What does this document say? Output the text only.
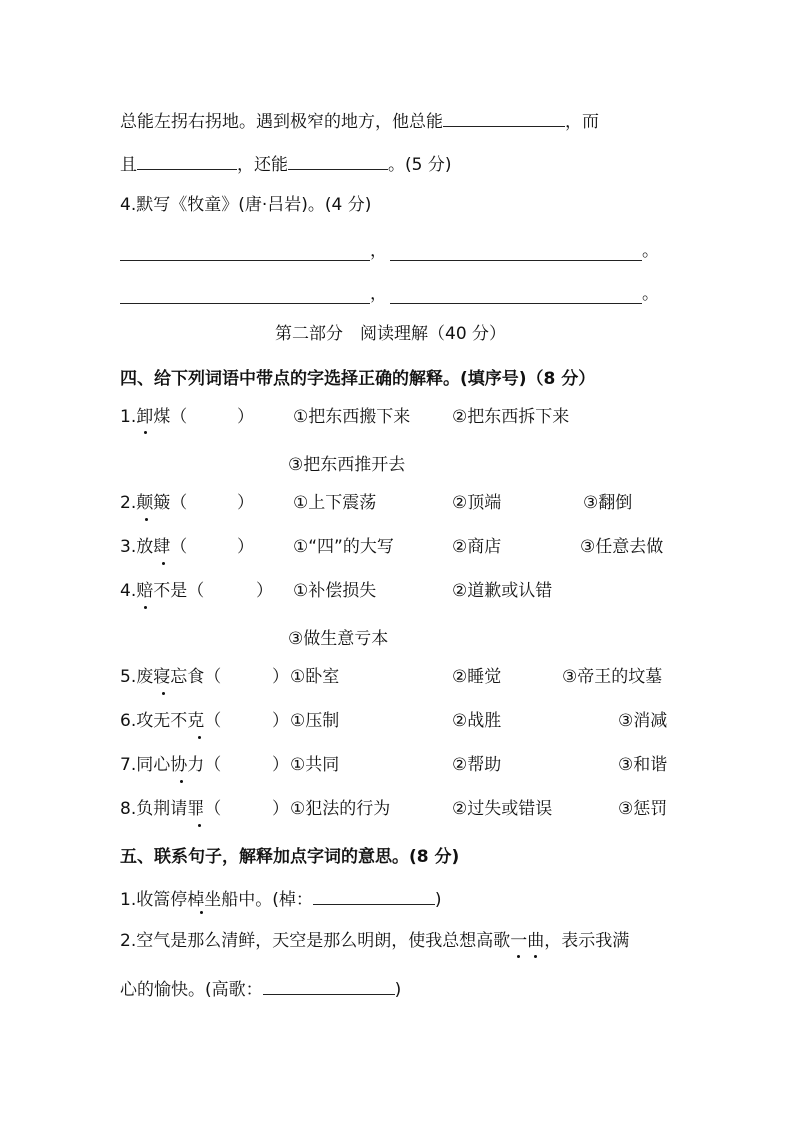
总能左拐右拐地。遇到极窄的地方，他总能	，而
且	，还能	。(5 分)
4.默写《牧童》(唐·吕岩)。(4 分)
，	。
，	。
第二部分　阅读理解（40 分）
四、给下列词语中带点的字选择正确的解释。(填序号)（8 分）
1.卸煤（	） ①把东西搬下来 ②把东西拆下来
③把东西推开去
2.颠簸（	） ①上下震荡	②顶端	③翻倒
3.放肆（	） ①“四”的大写	②商店	③任意去做
4.赔不是（	） ①补偿损失	②道歉或认错
③做生意亏本
5.废寝忘食（	） ①卧室	②睡觉	③帝王的坟墓
6.攻无不克（	） ①压制	②战胜	③消减
7.同心协力（	） ①共同	②帮助	③和谐
8.负荆请罪（	） ①犯法的行为	②过失或错误	③惩罚
五、联系句子，解释加点字词的意思。(8 分)
1.收篙停棹坐船中。(棹：	)
2.空气是那么清鲜，天空是那么明朗，使我总想高歌一曲，表示我满
心的愉快。(高歌：	)
